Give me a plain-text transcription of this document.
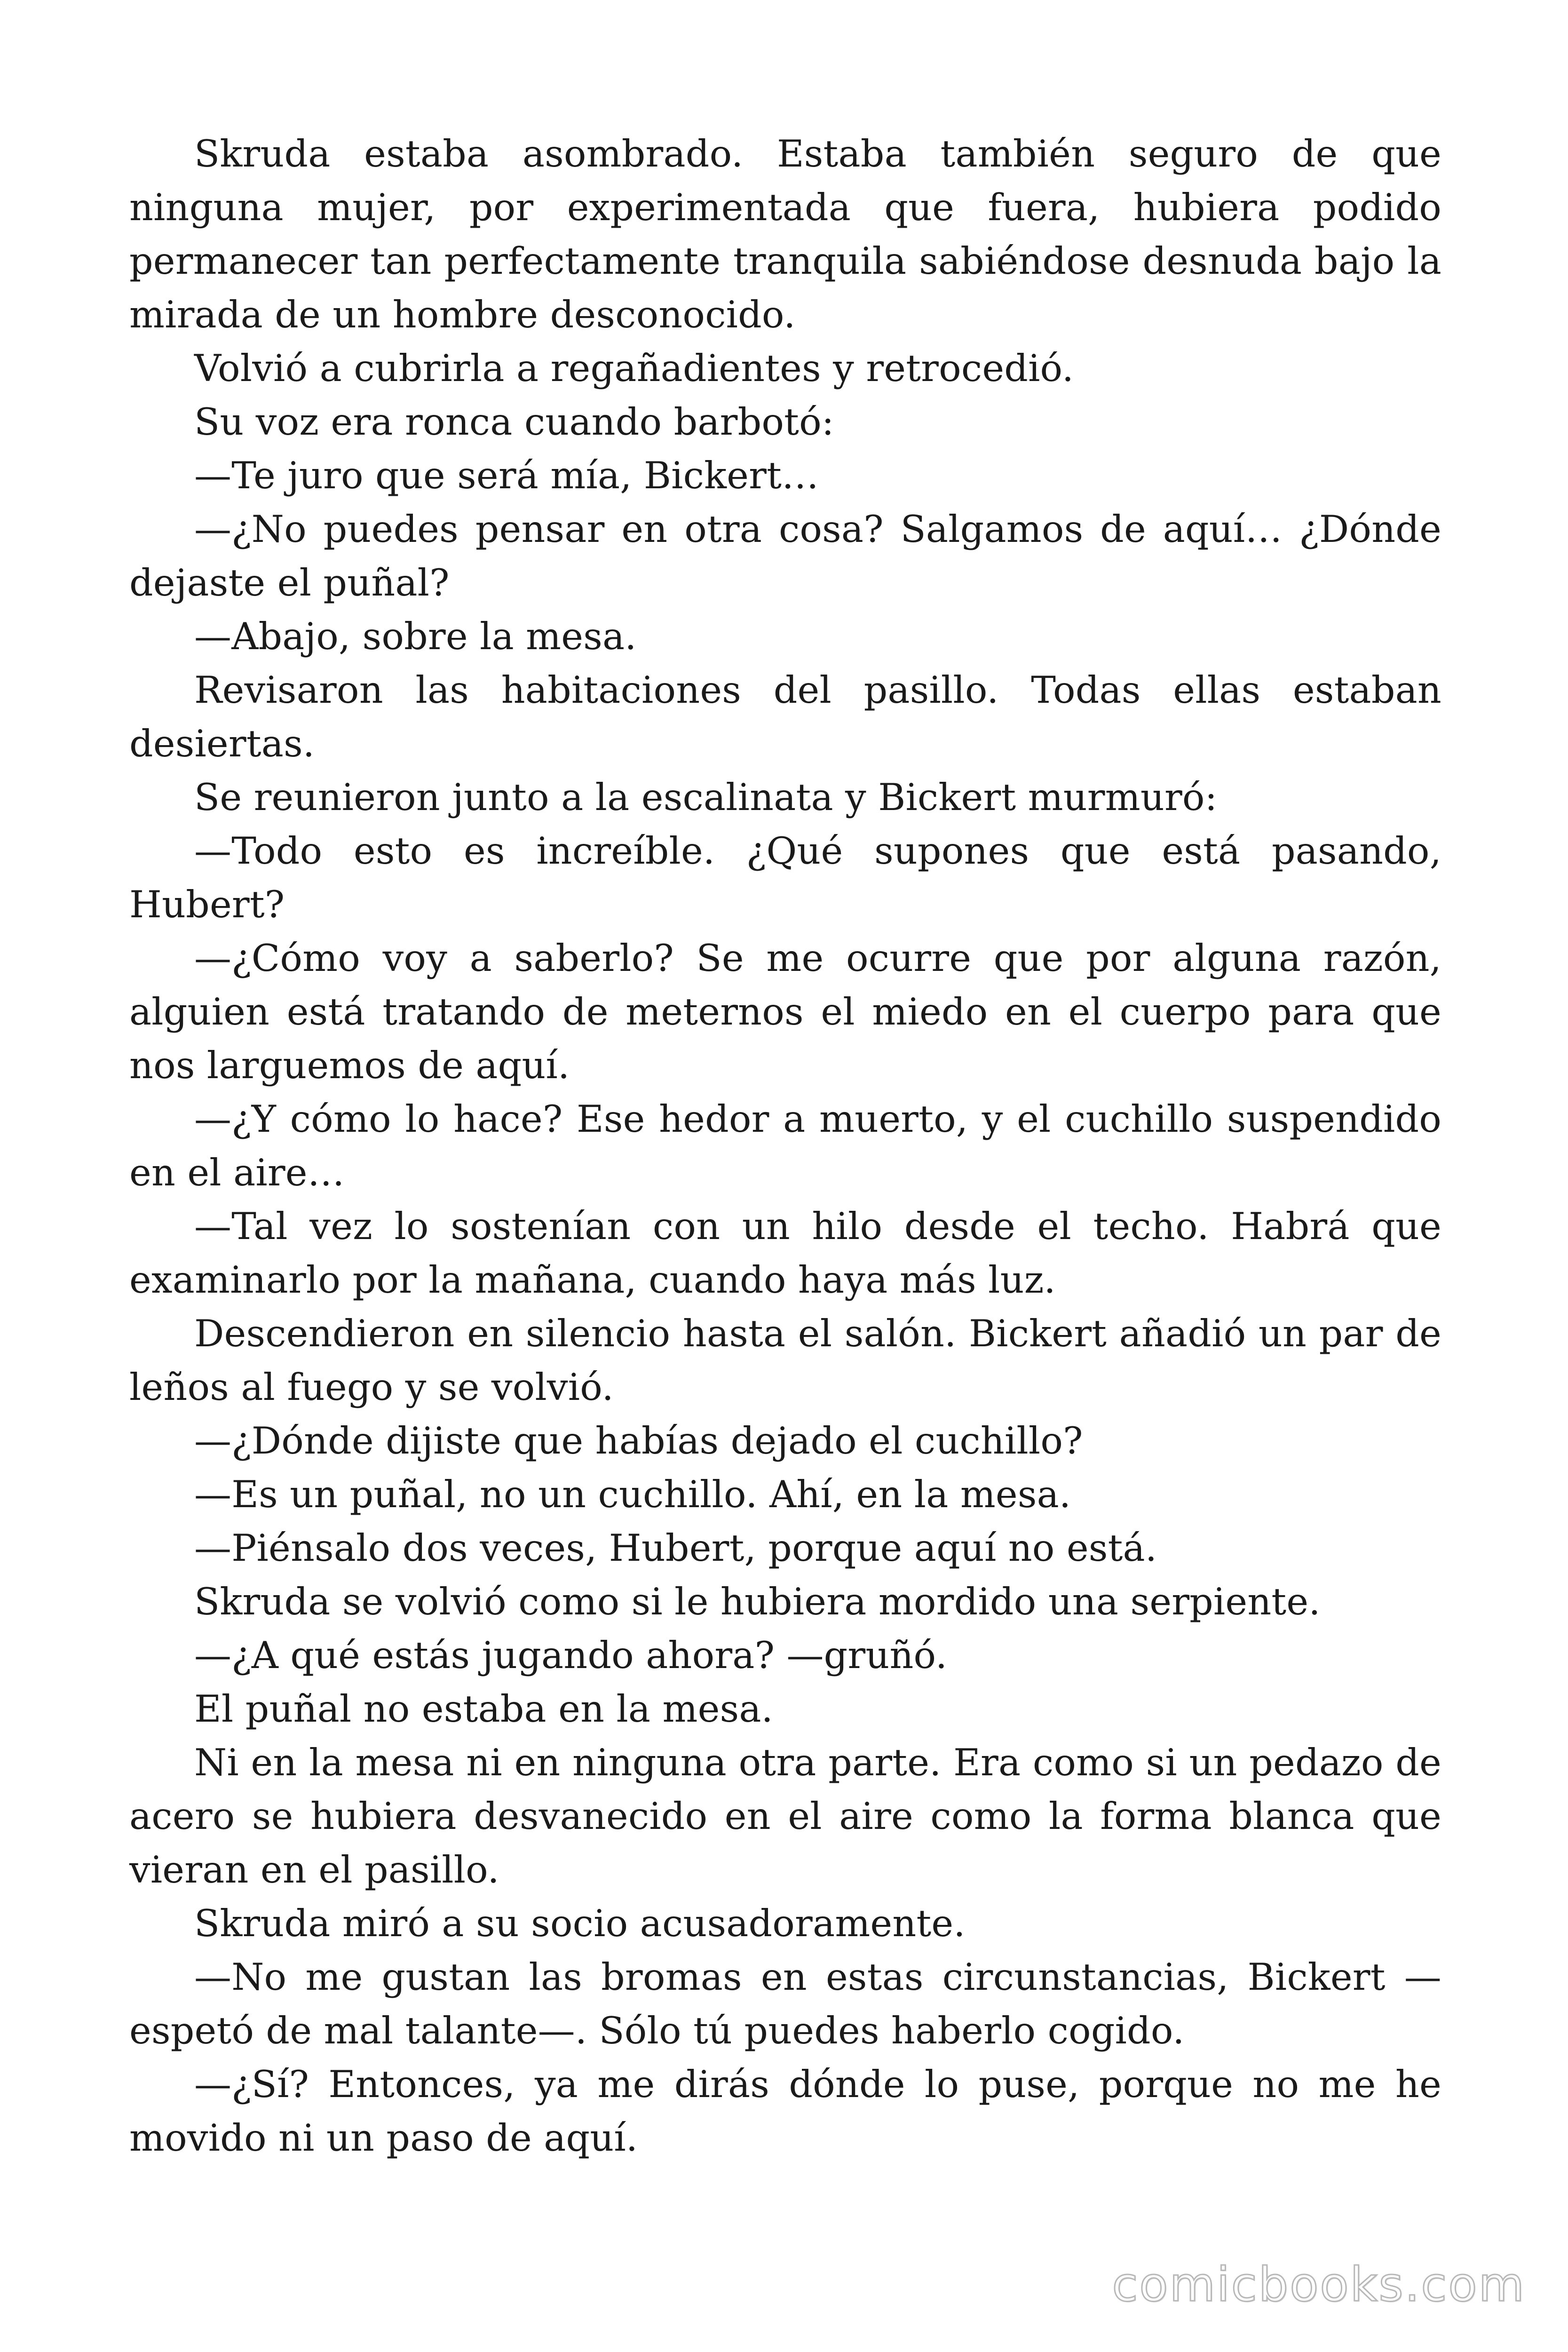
Skruda estaba asombrado. Estaba también seguro de que ninguna mujer, por experimentada que fuera, hubiera podido permanecer tan perfectamente tranquila sabiéndose desnuda bajo la mirada de un hombre desconocido.

Volvió a cubrirla a regañadientes y retrocedió.

Su voz era ronca cuando barbotó:

—Te juro que será mía, Bickert…

—¿No puedes pensar en otra cosa? Salgamos de aquí… ¿Dónde dejaste el puñal?

—Abajo, sobre la mesa.

Revisaron las habitaciones del pasillo. Todas ellas estaban desiertas.

Se reunieron junto a la escalinata y Bickert murmuró:

—Todo esto es increíble. ¿Qué supones que está pasando, Hubert?

—¿Cómo voy a saberlo? Se me ocurre que por alguna razón, alguien está tratando de meternos el miedo en el cuerpo para que nos larguemos de aquí.

—¿Y cómo lo hace? Ese hedor a muerto, y el cuchillo suspendido en el aire…

—Tal vez lo sostenían con un hilo desde el techo. Habrá que examinarlo por la mañana, cuando haya más luz.

Descendieron en silencio hasta el salón. Bickert añadió un par de leños al fuego y se volvió.

—¿Dónde dijiste que habías dejado el cuchillo?

—Es un puñal, no un cuchillo. Ahí, en la mesa.

—Piénsalo dos veces, Hubert, porque aquí no está.

Skruda se volvió como si le hubiera mordido una serpiente.

—¿A qué estás jugando ahora? —gruñó.

El puñal no estaba en la mesa.

Ni en la mesa ni en ninguna otra parte. Era como si un pedazo de acero se hubiera desvanecido en el aire como la forma blanca que vieran en el pasillo.

Skruda miró a su socio acusadoramente.

—No me gustan las bromas en estas circunstancias, Bickert —espetó de mal talante—. Sólo tú puedes haberlo cogido.

—¿Sí? Entonces, ya me dirás dónde lo puse, porque no me he movido ni un paso de aquí.

comicbooks.com
